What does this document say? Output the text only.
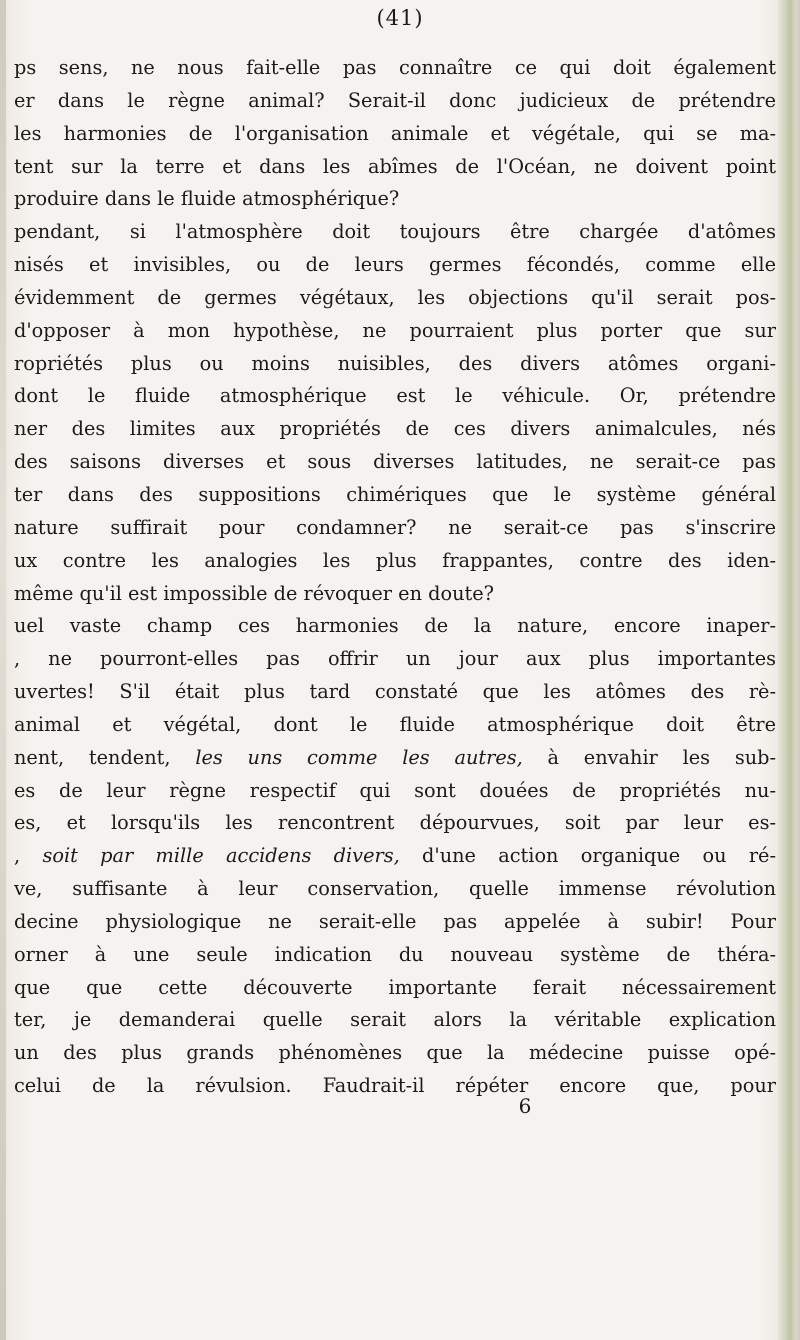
(41)
ps sens, ne nous fait-elle pas connaître ce qui doit également
er dans le règne animal? Serait-il donc judicieux de prétendre
les harmonies de l'organisation animale et végétale, qui se ma-
tent sur la terre et dans les abîmes de l'Océan, ne doivent point
produire dans le fluide atmosphérique?
pendant, si l'atmosphère doit toujours être chargée d'atômes
nisés et invisibles, ou de leurs germes fécondés, comme elle
évidemment de germes végétaux, les objections qu'il serait pos-
d'opposer à mon hypothèse, ne pourraient plus porter que sur
ropriétés plus ou moins nuisibles, des divers atômes organi-
dont le fluide atmosphérique est le véhicule. Or, prétendre
ner des limites aux propriétés de ces divers animalcules, nés
des saisons diverses et sous diverses latitudes, ne serait-ce pas
ter dans des suppositions chimériques que le système général
nature suffirait pour condamner? ne serait-ce pas s'inscrire
ux contre les analogies les plus frappantes, contre des iden-
même qu'il est impossible de révoquer en doute?
uel vaste champ ces harmonies de la nature, encore inaper-
, ne pourront-elles pas offrir un jour aux plus importantes
uvertes! S'il était plus tard constaté que les atômes des rè-
animal et végétal, dont le fluide atmosphérique doit être
nent, tendent, les uns comme les autres, à envahir les sub-
es de leur règne respectif qui sont douées de propriétés nu-
es, et lorsqu'ils les rencontrent dépourvues, soit par leur es-
, soit par mille accidens divers, d'une action organique ou ré-
ve, suffisante à leur conservation, quelle immense révolution
decine physiologique ne serait-elle pas appelée à subir! Pour
orner à une seule indication du nouveau système de théra-
que que cette découverte importante ferait nécessairement
ter, je demanderai quelle serait alors la véritable explication
un des plus grands phénomènes que la médecine puisse opé-
celui de la révulsion. Faudrait-il répéter encore que, pour
6
